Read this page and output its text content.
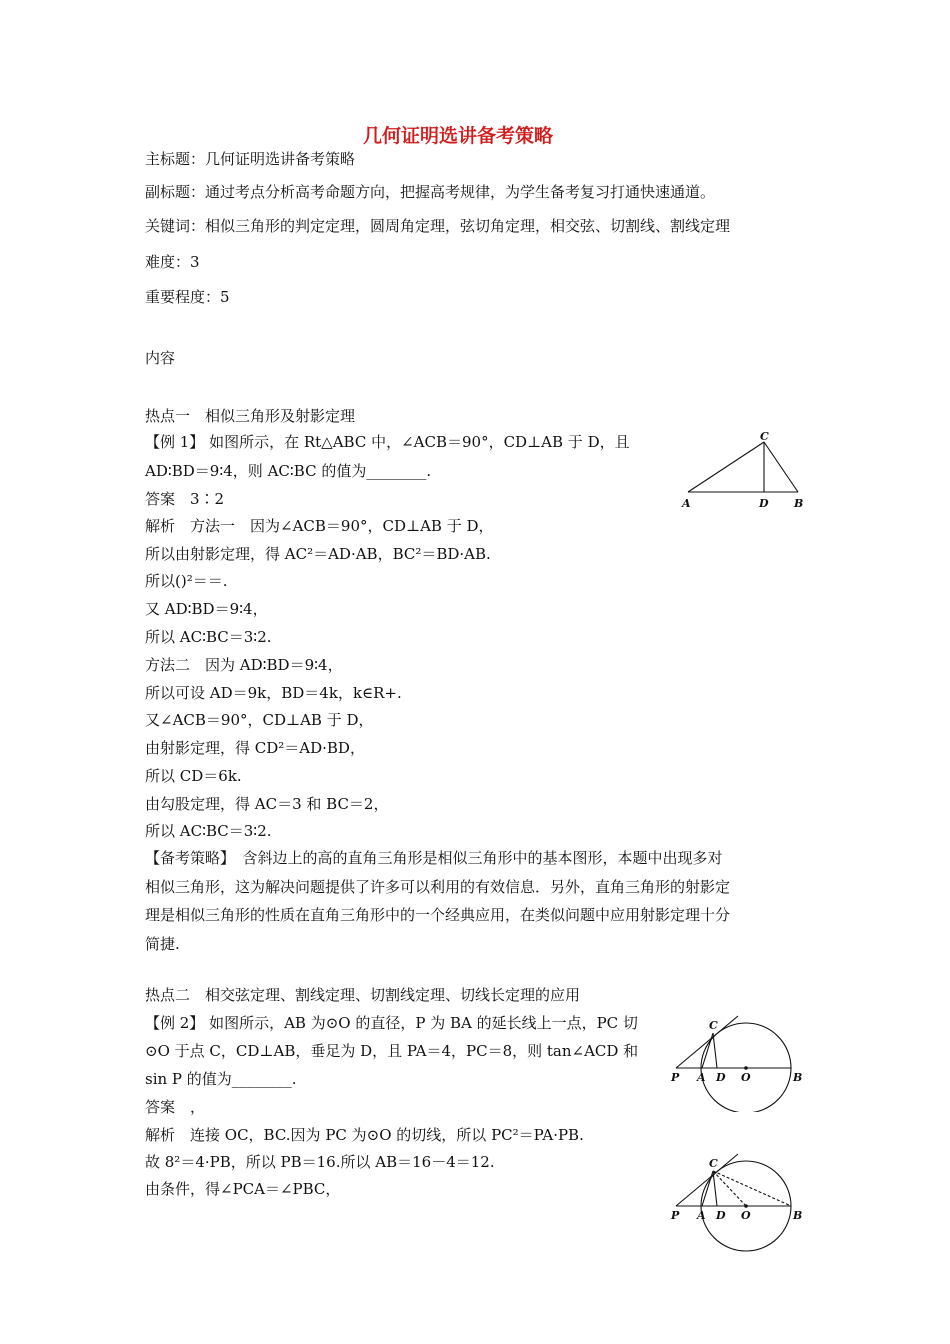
几何证明选讲备考策略
主标题：几何证明选讲备考策略
副标题：通过考点分析高考命题方向，把握高考规律，为学生备考复习打通快速通道。
关键词：相似三角形的判定定理，圆周角定理，弦切角定理，相交弦、切割线、割线定理
难度：3
重要程度：5
内容
热点一　相似三角形及射影定理
【例 1】 如图所示，在 Rt△ABC 中，∠ACB＝90°，CD⊥AB 于 D，且
AD∶BD＝9∶4，则 AC∶BC 的值为________.
答案　3∶2
解析　方法一　因为∠ACB＝90°，CD⊥AB 于 D，
所以由射影定理，得 AC²＝AD·AB，BC²＝BD·AB.
所以()²＝＝.
又 AD∶BD＝9∶4，
所以 AC∶BC＝3∶2.
方法二　因为 AD∶BD＝9∶4，
所以可设 AD＝9k，BD＝4k，k∈R+.
又∠ACB＝90°，CD⊥AB 于 D，
由射影定理，得 CD²＝AD·BD，
所以 CD＝6k.
由勾股定理，得 AC＝3 和 BC＝2，
所以 AC∶BC＝3∶2.
【备考策略】　含斜边上的高的直角三角形是相似三角形中的基本图形，本题中出现多对
相似三角形，这为解决问题提供了许多可以利用的有效信息．另外，直角三角形的射影定
理是相似三角形的性质在直角三角形中的一个经典应用，在类似问题中应用射影定理十分
简捷.
热点二　相交弦定理、割线定理、切割线定理、切线长定理的应用
【例 2】 如图所示，AB 为⊙O 的直径，P 为 BA 的延长线上一点，PC 切
⊙O 于点 C，CD⊥AB，垂足为 D，且 PA＝4，PC＝8，则 tan∠ACD 和
sin P 的值为________.
答案　，
解析　连接 OC，BC.因为 PC 为⊙O 的切线，所以 PC²＝PA·PB.
故 8²＝4·PB，所以 PB＝16.所以 AB＝16－4＝12.
由条件，得∠PCA＝∠PBC，
C
A	D B
C
P A D O	B
C
P A D O	B
